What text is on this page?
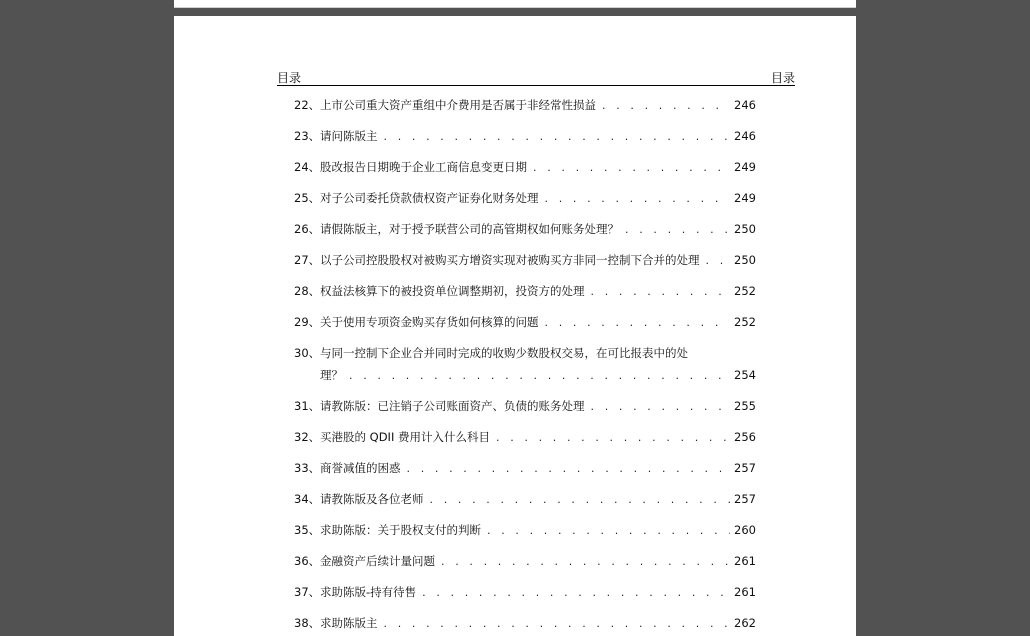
目录	目录
22、 上市公司重大资产重组中介费用是否属于非经常性损益 . . .	246
23、 请问陈版主 . . .	246
24、 股改报告日期晚于企业工商信息变更日期 . . .	249
25、 对子公司委托贷款债权资产证券化财务处理 . . .	249
26、 请假陈版主，对于授予联营公司的高管期权如何账务处理？ . . .	250
27、 以子公司控股股权对被购买方增资实现对被购买方非同一控制下合并的处理 . . .	250
28、 权益法核算下的被投资单位调整期初，投资方的处理 . . .	252
29、 关于使用专项资金购买存货如何核算的问题 . . .	252
30、 与同一控制下企业合并同时完成的收购少数股权交易，在可比报表中的处
理？ . . .	254
31、 请教陈版：已注销子公司账面资产、负债的账务处理 . . .	255
32、 买港股的 QDII 费用计入什么科目 . . .	256
33、 商誉减值的困惑 . . .	257
34、 请教陈版及各位老师 . . .	257
35、 求助陈版：关于股权支付的判断 . . .	260
36、 金融资产后续计量问题 . . .	261
37、 求助陈版-持有待售 . . .	261
38、 求助陈版主 . . .	262
